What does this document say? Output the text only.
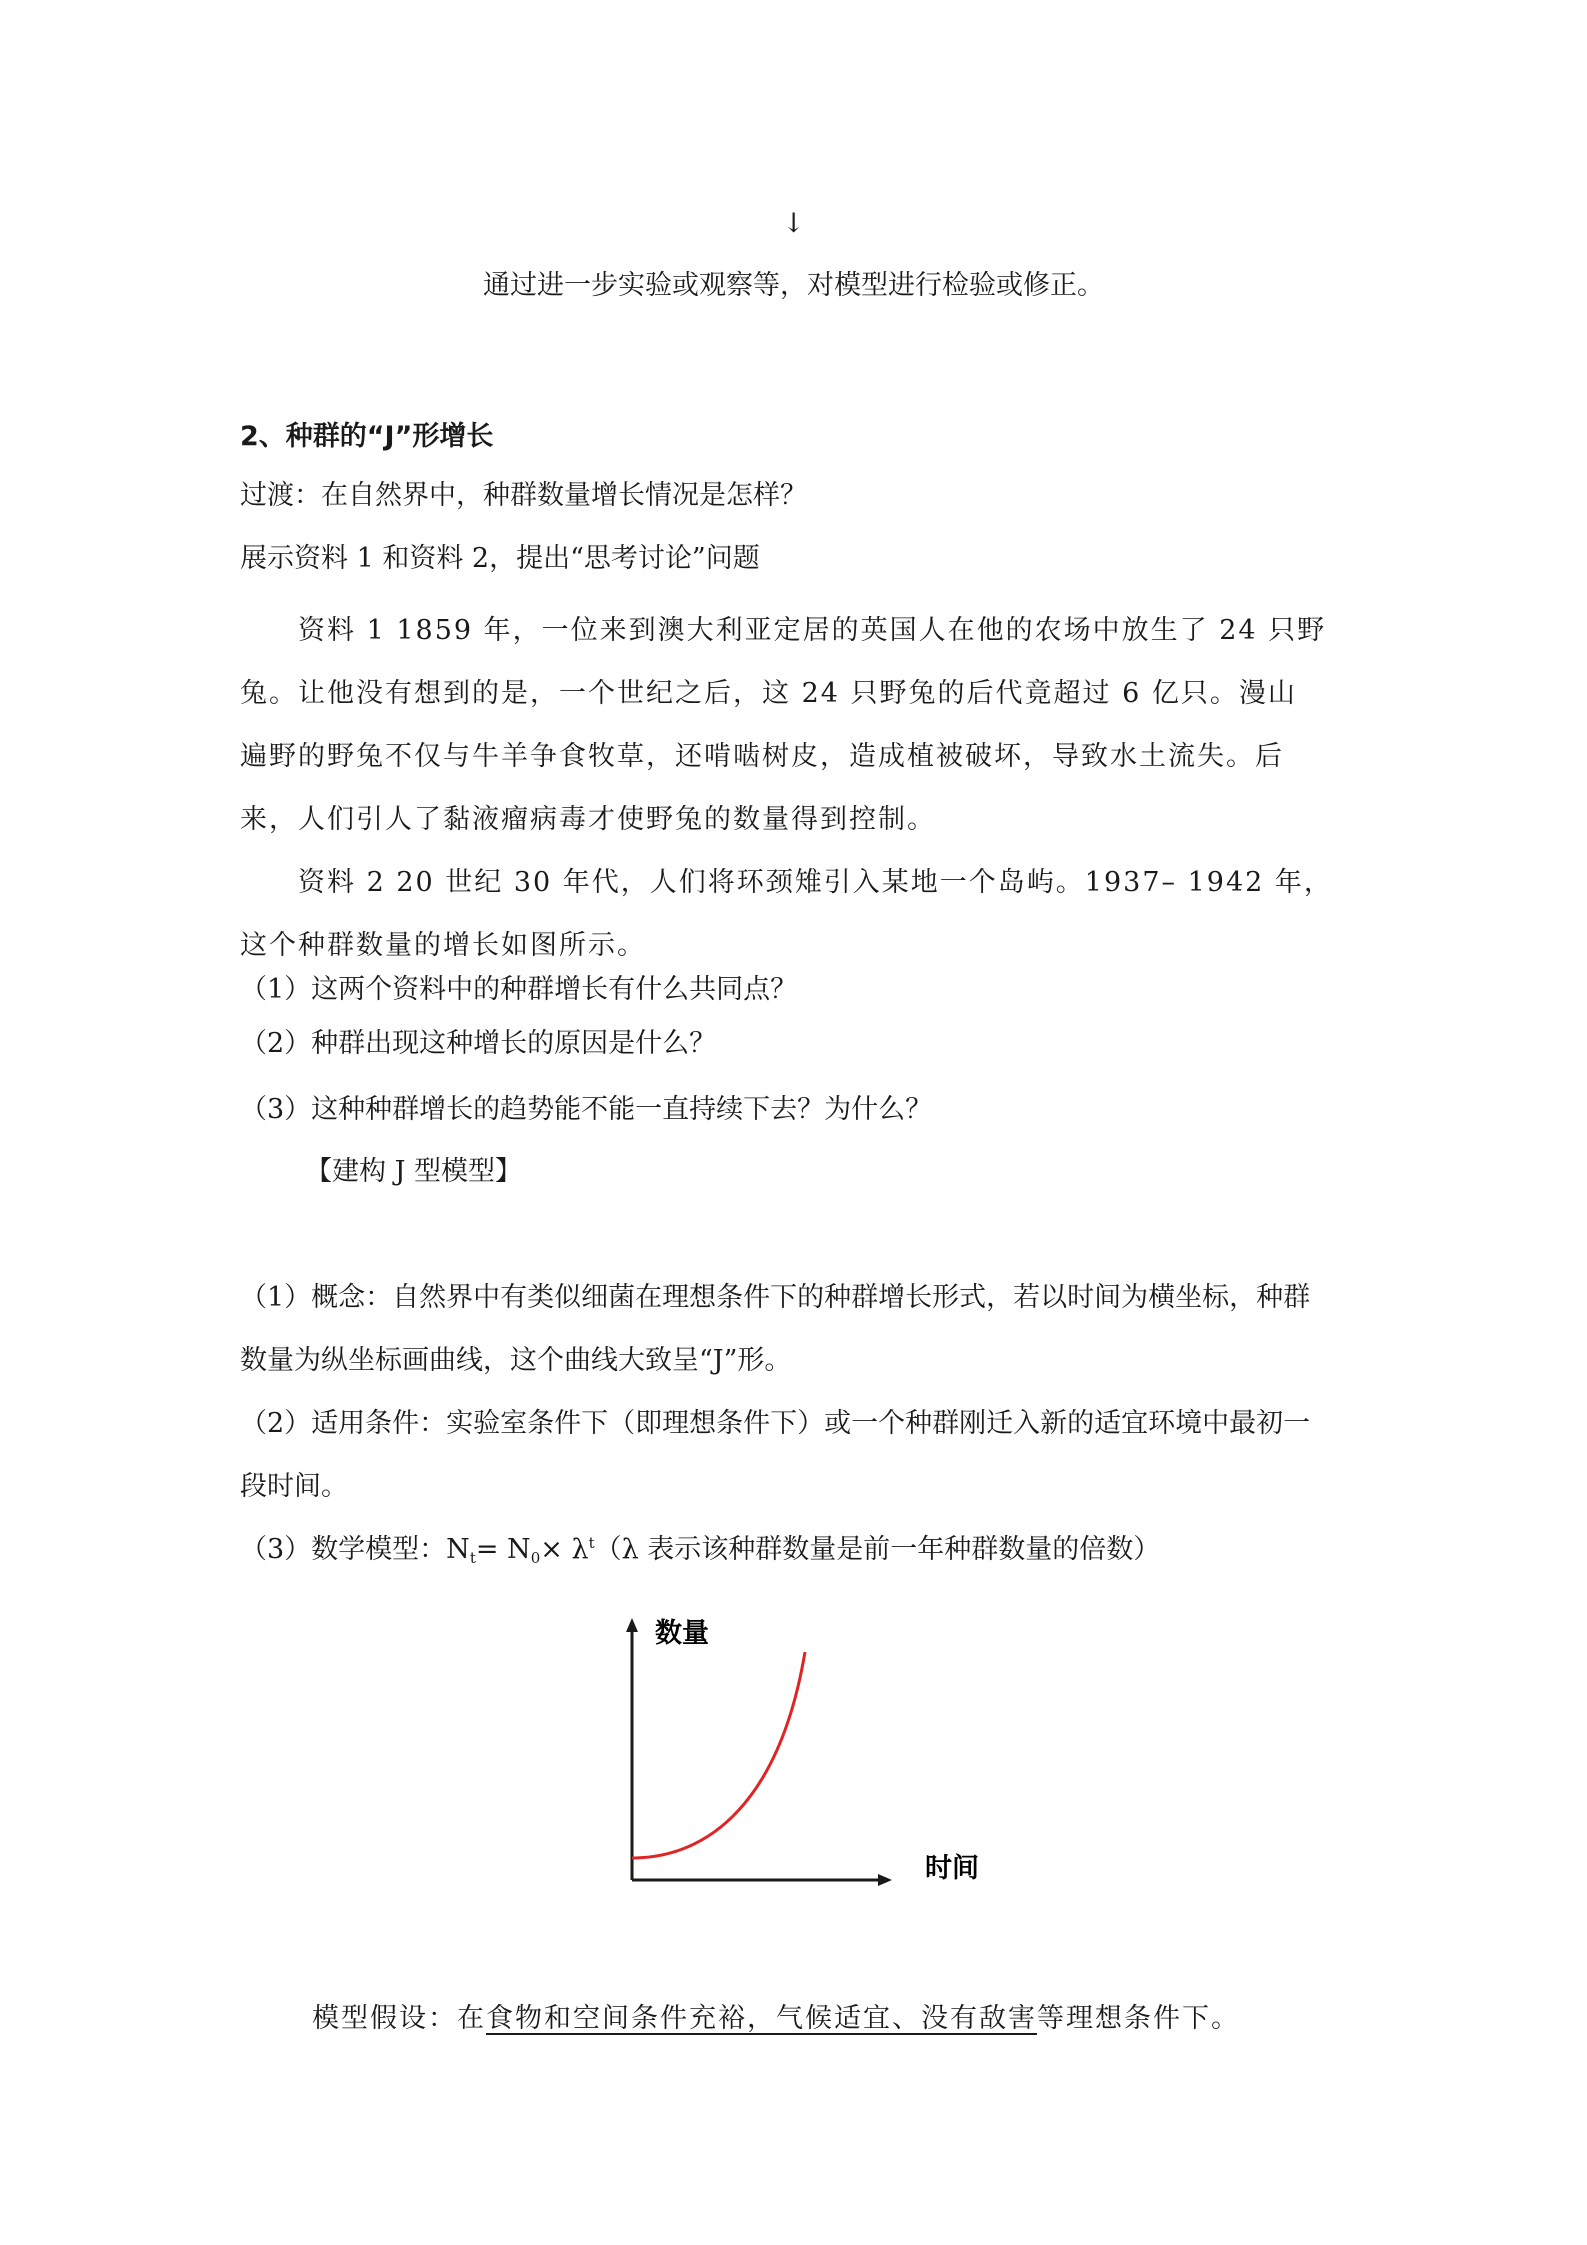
↓
通过进一步实验或观察等，对模型进行检验或修正。
2、种群的“J”形增长
过渡：在自然界中，种群数量增长情况是怎样？
展示资料 1 和资料 2，提出“思考讨论”问题
资料 1 1859 年，一位来到澳大利亚定居的英国人在他的农场中放生了 24 只野
兔。让他没有想到的是，一个世纪之后，这 24 只野兔的后代竟超过 6 亿只。漫山
遍野的野兔不仅与牛羊争食牧草，还啃啮树皮，造成植被破坏，导致水土流失。后
来，人们引人了黏液瘤病毒才使野兔的数量得到控制。
资料 2 20 世纪 30 年代，人们将环颈雉引入某地一个岛屿。1937– 1942 年，
这个种群数量的增长如图所示。
（1）这两个资料中的种群增长有什么共同点？
（2）种群出现这种增长的原因是什么？
（3）这种种群增长的趋势能不能一直持续下去？为什么？
【建构 J 型模型】
（1）概念：自然界中有类似细菌在理想条件下的种群增长形式，若以时间为横坐标，种群
数量为纵坐标画曲线，这个曲线大致呈“J”形。
（2）适用条件：实验室条件下（即理想条件下）或一个种群刚迁入新的适宜环境中最初一
段时间。
（3）数学模型：$N_t= N_0\times \lambda^t(\lambda$ 表示该种群数量是前一年种群数量的倍数）
数量
时间
模型假设：在食物和空间条件充裕，气候适宜、没有敌害等理想条件下。
